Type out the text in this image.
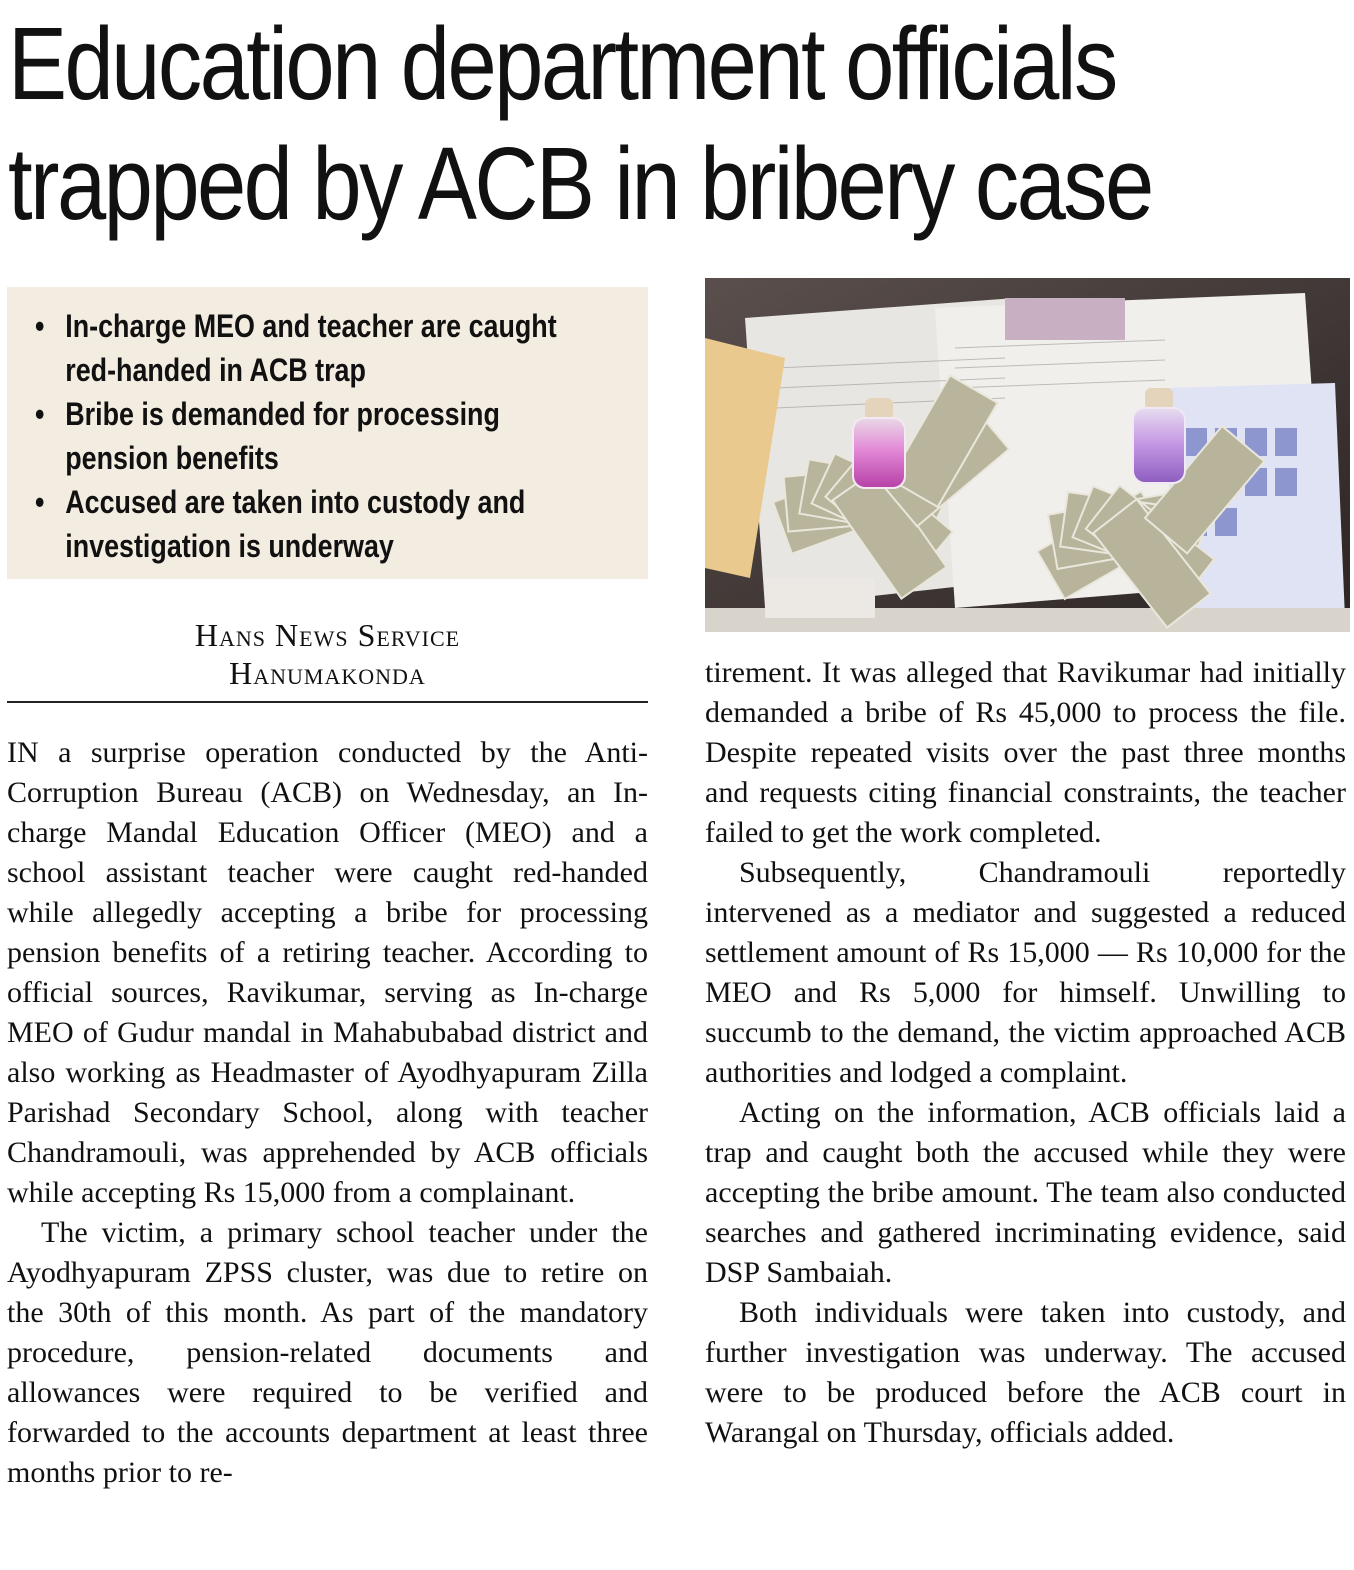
Education department officials
trapped by ACB in bribery case
• In-charge MEO and teacher are caught
red-handed in ACB trap
• Bribe is demanded for processing
pension benefits
• Accused are taken into custody and
investigation is underway
Hans News Service
Hanumakonda

IN a surprise operation conducted by the Anti-Corruption Bureau (ACB) on Wednesday, an In-charge Mandal Education Officer (MEO) and a school assistant teacher were caught red-handed while allegedly accepting a bribe for processing pension benefits of a retiring teacher. According to official sources, Ravikumar, serving as In-charge MEO of Gudur mandal in Mahabubabad district and also working as Headmaster of Ayodhyapuram Zilla Parishad Secondary School, along with teacher Chandramouli, was apprehended by ACB officials while accepting Rs 15,000 from a complainant.

The victim, a primary school teacher under the Ayodhyapuram ZPSS cluster, was due to retire on the 30th of this month. As part of the mandatory procedure, pension-related documents and allowances were required to be verified and forwarded to the accounts department at least three months prior to re-

tirement. It was alleged that Ravikumar had initially demanded a bribe of Rs 45,000 to process the file. Despite repeated visits over the past three months and requests citing financial constraints, the teacher failed to get the work completed.

Subsequently, Chandramouli reportedly intervened as a mediator and suggested a reduced settlement amount of Rs 15,000 — Rs 10,000 for the MEO and Rs 5,000 for himself. Unwilling to succumb to the demand, the victim approached ACB authorities and lodged a complaint.

Acting on the information, ACB officials laid a trap and caught both the accused while they were accepting the bribe amount. The team also conducted searches and gathered incriminating evidence, said DSP Sambaiah.

Both individuals were taken into custody, and further investigation was underway. The accused were to be produced before the ACB court in Warangal on Thursday, officials added.
